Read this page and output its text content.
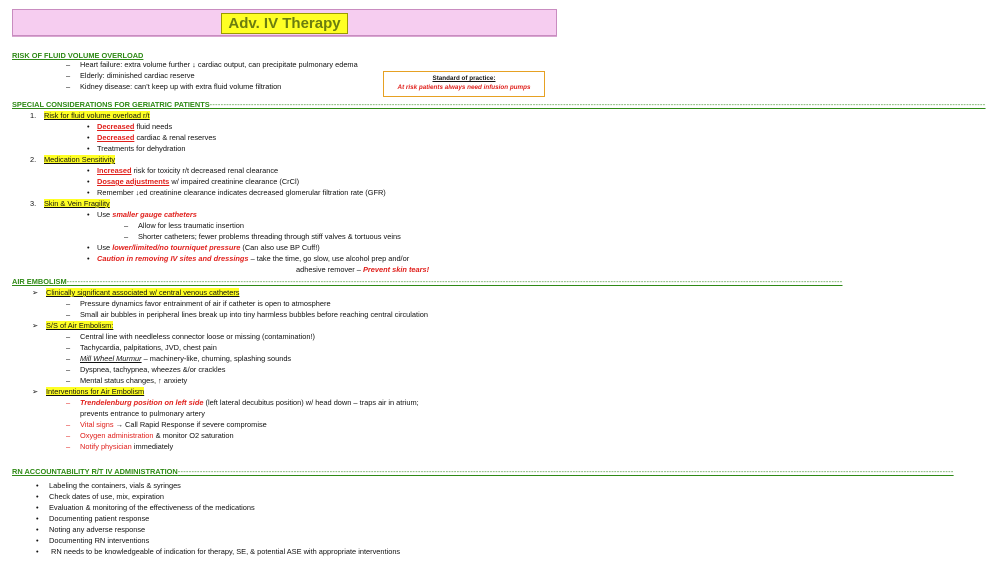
Adv. IV Therapy
RISK OF FLUID VOLUME OVERLOAD
– Heart failure: extra volume further ↓ cardiac output, can precipitate pulmonary edema
– Elderly: diminished cardiac reserve
– Kidney disease: can’t keep up with extra fluid volume filtration
Standard of practice:
At risk patients always need infusion pumps
SPECIAL CONSIDERATIONS FOR GERIATRIC PATIENTS-----------------------------------------------------------------------------------------------------------------------------------------------------------------------------------------------------------------------------------------------------------------------------------------
1. Risk for fluid volume overload r/t
• Decreased fluid needs
• Decreased cardiac & renal reserves
• Treatments for dehydration
2. Medication Sensitivity
• Increased risk for toxicity r/t decreased renal clearance
• Dosage adjustments w/ impaired creatinine clearance (CrCl)
• Remember ↓ed creatinine clearance indicates decreased glomerular filtration rate (GFR)
3. Skin & Vein Fragility
• Use smaller gauge catheters
– Allow for less traumatic insertion
– Shorter catheters; fewer problems threading through stiff valves & tortuous veins
• Use lower/limited/no tourniquet pressure (Can also use BP Cuff!)
• Caution in removing IV sites and dressings – take the time, go slow, use alcohol prep and/or
adhesive remover – Prevent skin tears!
AIR EMBOLISM-----------------------------------------------------------------------------------------------------------------------------------------------------------------------------------------------------------------------------------------------------------------------------------------
➢ Clinically significant associated w/ central venous catheters
– Pressure dynamics favor entrainment of air if catheter is open to atmosphere
– Small air bubbles in peripheral lines break up into tiny harmless bubbles before reaching central circulation
➢ S/S of Air Embolism:
– Central line with needleless connector loose or missing (contamination!)
– Tachycardia, palpitations, JVD, chest pain
– Mill Wheel Murmur – machinery-like, churning, splashing sounds
– Dyspnea, tachypnea, wheezes &/or crackles
– Mental status changes, ↑ anxiety
➢ Interventions for Air Embolism
– Trendelenburg position on left side (left lateral decubitus position) w/ head down – traps air in atrium;
prevents entrance to pulmonary artery
– Vital signs → Call Rapid Response if severe compromise
– Oxygen administration & monitor O2 saturation
– Notify physician immediately
RN ACCOUNTABILITY R/T IV ADMINISTRATION-----------------------------------------------------------------------------------------------------------------------------------------------------------------------------------------------------------------------------------------------------------------------------------------
• Labeling the containers, vials & syringes
• Check dates of use, mix, expiration
• Evaluation & monitoring of the effectiveness of the medications
• Documenting patient response
• Noting any adverse response
• Documenting RN interventions
• RN needs to be knowledgeable of indication for therapy, SE, & potential ASE with appropriate interventions
